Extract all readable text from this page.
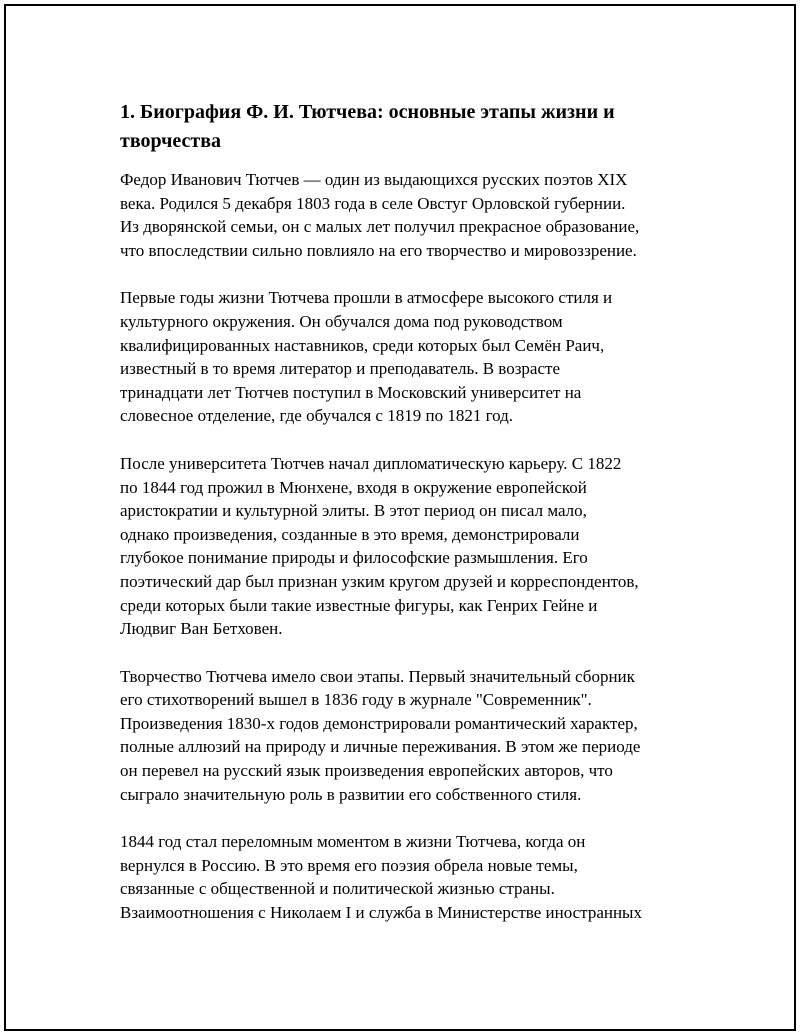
1. Биография Ф. И. Тютчева: основные этапы жизни и
творчества

Федор Иванович Тютчев — один из выдающихся русских поэтов XIX
века. Родился 5 декабря 1803 года в селе Овстуг Орловской губернии.
Из дворянской семьи, он с малых лет получил прекрасное образование,
что впоследствии сильно повлияло на его творчество и мировоззрение.

Первые годы жизни Тютчева прошли в атмосфере высокого стиля и
культурного окружения. Он обучался дома под руководством
квалифицированных наставников, среди которых был Семён Раич,
известный в то время литератор и преподаватель. В возрасте
тринадцати лет Тютчев поступил в Московский университет на
словесное отделение, где обучался с 1819 по 1821 год.

После университета Тютчев начал дипломатическую карьеру. С 1822
по 1844 год прожил в Мюнхене, входя в окружение европейской
аристократии и культурной элиты. В этот период он писал мало,
однако произведения, созданные в это время, демонстрировали
глубокое понимание природы и философские размышления. Его
поэтический дар был признан узким кругом друзей и корреспондентов,
среди которых были такие известные фигуры, как Генрих Гейне и
Людвиг Ван Бетховен.

Творчество Тютчева имело свои этапы. Первый значительный сборник
его стихотворений вышел в 1836 году в журнале "Современник".
Произведения 1830-х годов демонстрировали романтический характер,
полные аллюзий на природу и личные переживания. В этом же периоде
он перевел на русский язык произведения европейских авторов, что
сыграло значительную роль в развитии его собственного стиля.

1844 год стал переломным моментом в жизни Тютчева, когда он
вернулся в Россию. В это время его поэзия обрела новые темы,
связанные с общественной и политической жизнью страны.
Взаимоотношения с Николаем I и служба в Министерстве иностранных
